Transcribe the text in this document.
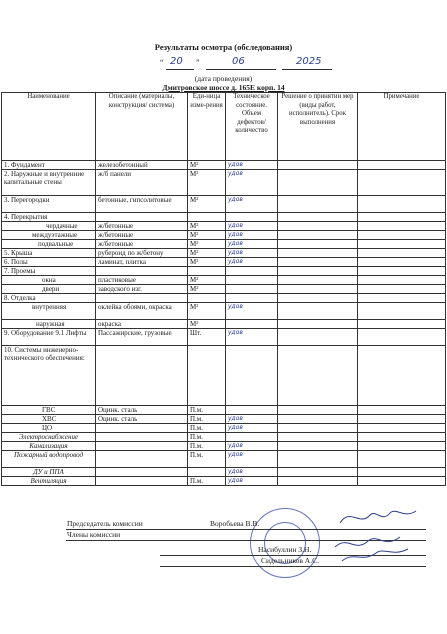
Результаты осмотра (обследования)
“ 20 ”	06	2025
(дата проведения)
Дмитровское шоссе д. 165Е корп. 14
Наименование	Описание (материалы, конструкция/ система)	Еди-ница изме-рения	Техническое состояние. Объем дефектов/ количество	Решение о принятии мер (виды работ, исполнитель). Срок выполнения	Примечание
1. Фундамент	железобетонный	М²	удов		
2. Наружные и внутренние капитальные стены	ж/б панели	М²	удов		
3. Перегородки	бетонные, гипсолитовые	М²	удов		
4. Перекрытия					
чердачные	ж/бетонные	М²	удов		
междуэтажные	ж/бетонные	М²	удов		
подвальные	ж/бетонные	М²	удов		
5. Крыша	рубероид по ж/бетону	М²	удов		
6. Полы	ламинат, плитка	М²	удов		
7. Проемы					
окна	пластиковые	М²			
двери	заводского изг.	М²			
8. Отделка					
внутренняя	оклейка обоями, окраска	М²	удов		
наружная	окраска	М²			
9. Оборудование 9.1 Лифты	Пассажирские, грузовые	Шт.	удов		
10. Системы инженерно-технического обеспечения:					
ГВС	Оцинк. сталь	П.м.			
ХВС	Оцинк. сталь	П.м.	удов		
ЦО		П.м.	удов		
Электроснабжение		П.м.			
Канализация		П.м.	удов		
Пожарный водопровод		П.м.	удов		
ДУ и ППА			удов		
Вентиляция		П.м.	удов		
Председатель комиссии	Воробьева В.В.
Члены комиссии
Насибуллин З.Н.
Сидельников А.С.
